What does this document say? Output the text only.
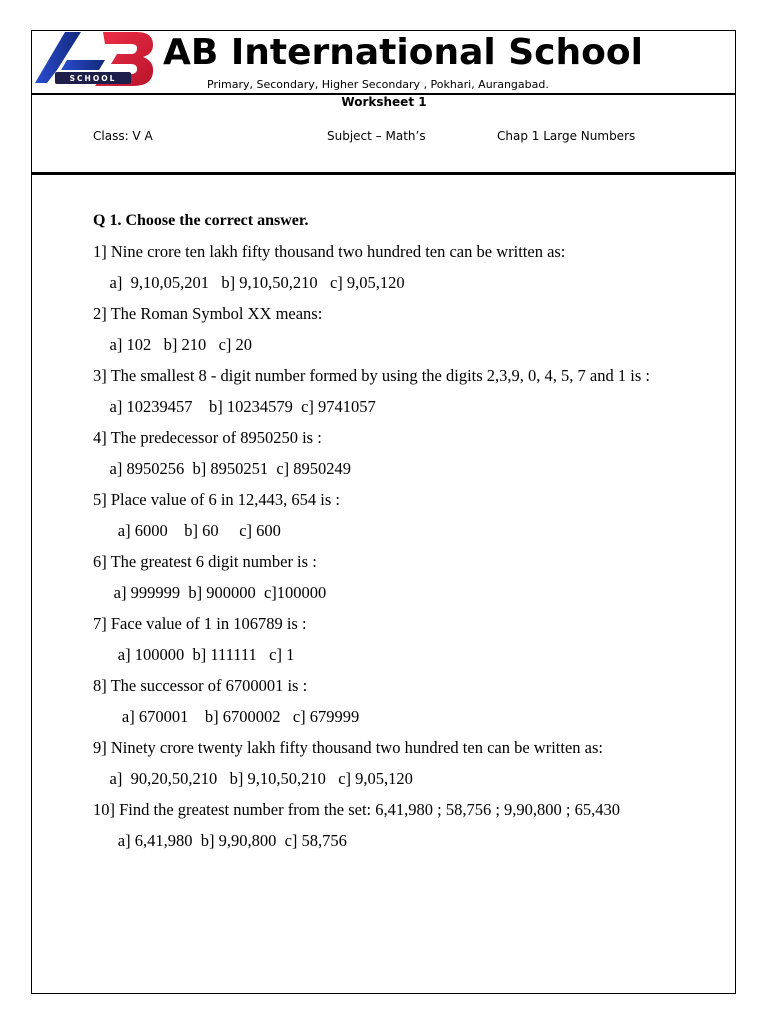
SCHOOL
AB International School
Primary, Secondary, Higher Secondary , Pokhari, Aurangabad.
Worksheet 1
Class: V A	Subject – Math’s	Chap 1 Large Numbers
Q 1. Choose the correct answer.
1] Nine crore ten lakh fifty thousand two hundred ten can be written as:
a]  9,10,05,201   b] 9,10,50,210   c] 9,05,120
2] The Roman Symbol XX means:
a] 102   b] 210   c] 20
3] The smallest 8 - digit number formed by using the digits 2,3,9, 0, 4, 5, 7 and 1 is :
a] 10239457    b] 10234579  c] 9741057
4] The predecessor of 8950250 is :
a] 8950256  b] 8950251  c] 8950249
5] Place value of 6 in 12,443, 654 is :
a] 6000    b] 60     c] 600
6] The greatest 6 digit number is :
a] 999999  b] 900000  c]100000
7] Face value of 1 in 106789 is :
a] 100000  b] 111111   c] 1
8] The successor of 6700001 is :
a] 670001    b] 6700002   c] 679999
9] Ninety crore twenty lakh fifty thousand two hundred ten can be written as:
a]  90,20,50,210   b] 9,10,50,210   c] 9,05,120
10] Find the greatest number from the set: 6,41,980 ; 58,756 ; 9,90,800 ; 65,430
a] 6,41,980  b] 9,90,800  c] 58,756
